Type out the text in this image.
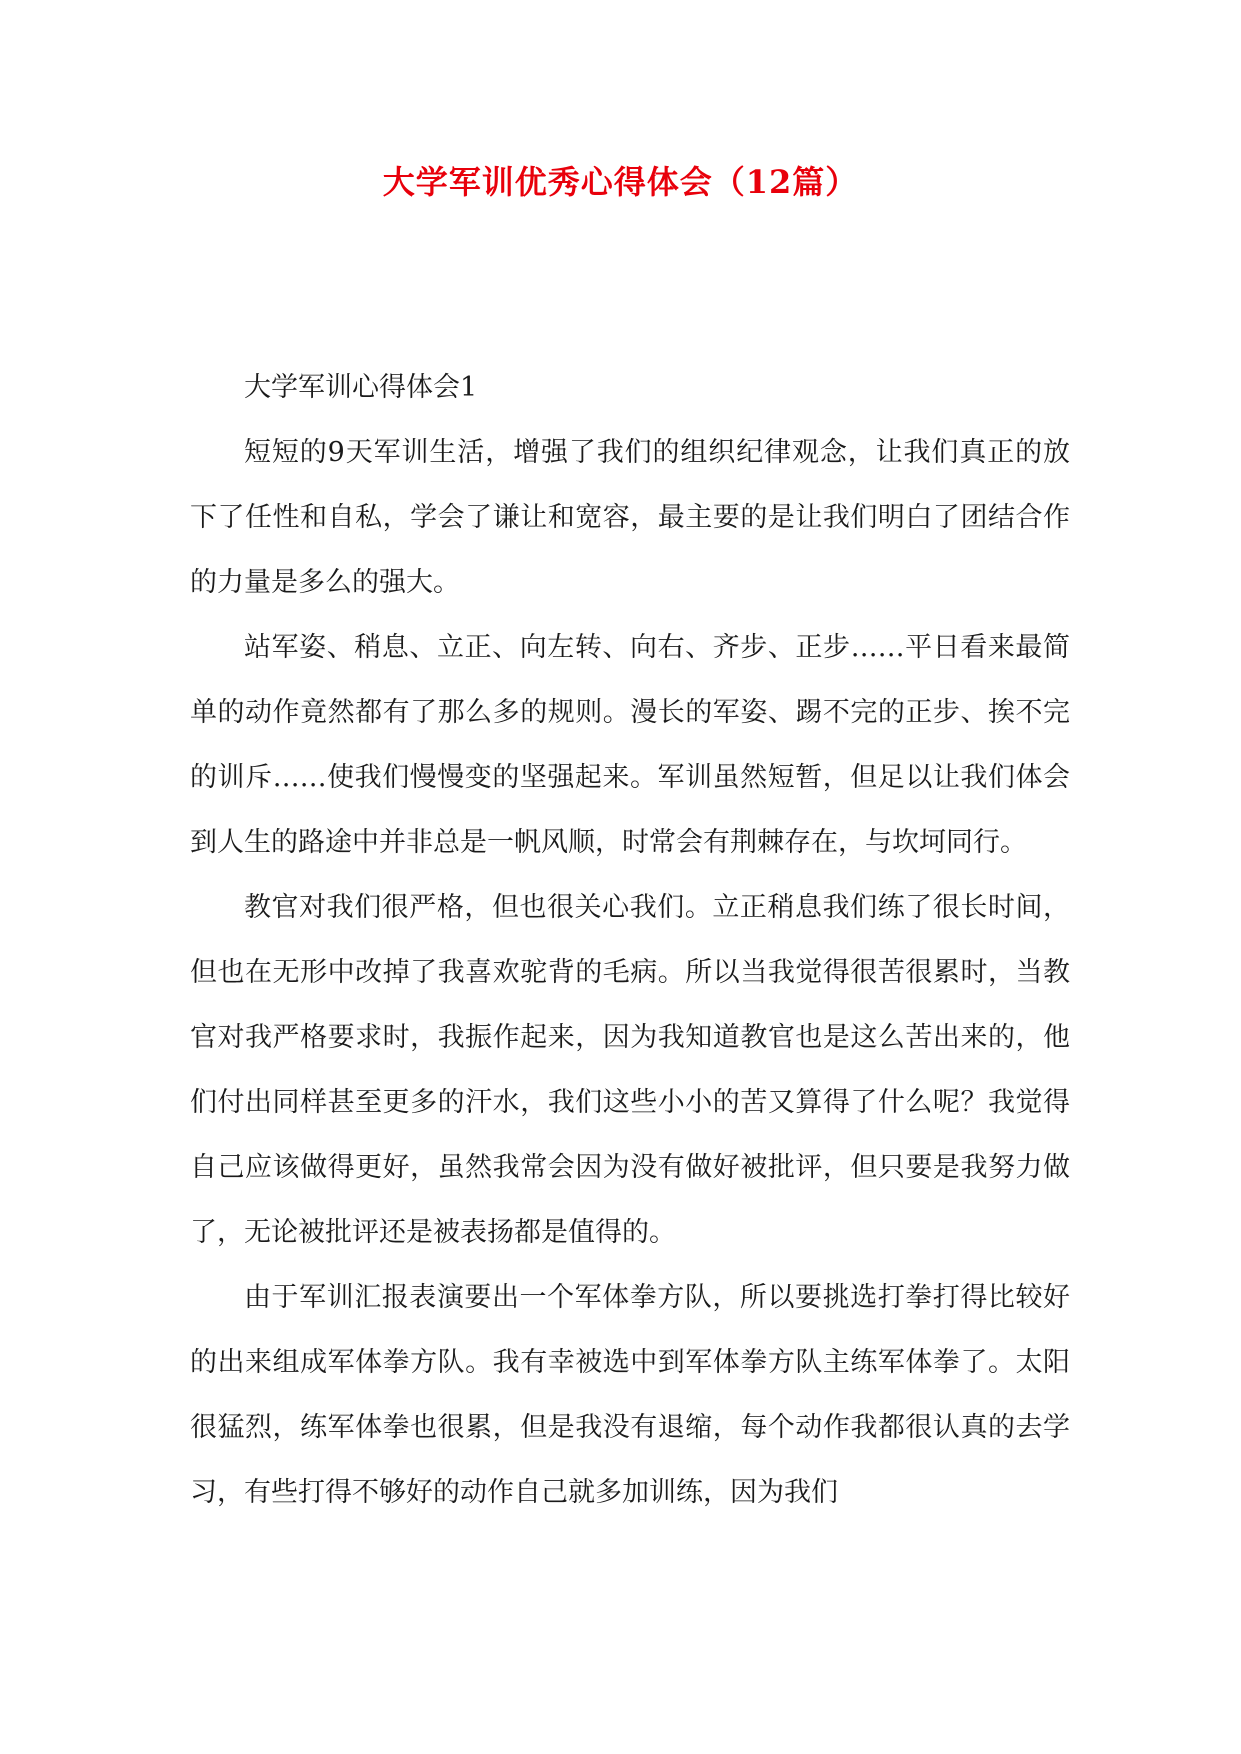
大学军训优秀心得体会（12篇）

大学军训心得体会1

短短的9天军训生活，增强了我们的组织纪律观念，让我们真正的放下了任性和自私，学会了谦让和宽容，最主要的是让我们明白了团结合作的力量是多么的强大。

站军姿、稍息、立正、向左转、向右、齐步、正步……平日看来最简单的动作竟然都有了那么多的规则。漫长的军姿、踢不完的正步、挨不完的训斥……使我们慢慢变的坚强起来。军训虽然短暂，但足以让我们体会到人生的路途中并非总是一帆风顺，时常会有荆棘存在，与坎坷同行。

教官对我们很严格，但也很关心我们。立正稍息我们练了很长时间，但也在无形中改掉了我喜欢驼背的毛病。所以当我觉得很苦很累时，当教官对我严格要求时，我振作起来，因为我知道教官也是这么苦出来的，他们付出同样甚至更多的汗水，我们这些小小的苦又算得了什么呢？我觉得自己应该做得更好，虽然我常会因为没有做好被批评，但只要是我努力做了，无论被批评还是被表扬都是值得的。

由于军训汇报表演要出一个军体拳方队，所以要挑选打拳打得比较好的出来组成军体拳方队。我有幸被选中到军体拳方队主练军体拳了。太阳很猛烈，练军体拳也很累，但是我没有退缩，每个动作我都很认真的去学习，有些打得不够好的动作自己就多加训练，因为我们
